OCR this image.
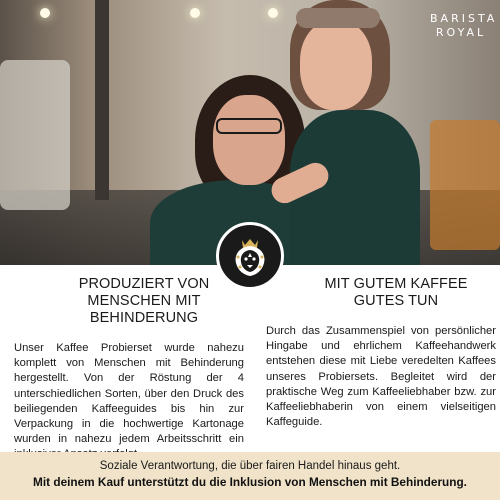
BARISTA
ROYAL
PRODUZIERT VON
MENSCHEN MIT BEHINDERUNG
Unser Kaffee Probierset wurde nahezu komplett von Menschen mit Behinderung hergestellt. Von der Röstung der 4 unterschiedlichen Sorten, über den Druck des beiliegenden Kaffeeguides bis hin zur Verpackung in die hochwertige Kartonage wurden in nahezu jedem Arbeitsschritt ein
MIT GUTEM KAFFEE
GUTES TUN
Durch das Zusammenspiel von persönlicher Hingabe und ehrlichem Kaffeehandwerk entstehen diese mit Liebe veredelten Kaffees unseres Probiersets. Begleitet wird der praktische Weg zum Kaffeeliebhaber bzw. zur Kaffeeliebhaberin von einem vielseitigen Kaffeguide.
Soziale Verantwortung, die über fairen Handel hinaus geht.
Mit deinem Kauf unterstützt du die Inklusion von Menschen mit Behinderung.
